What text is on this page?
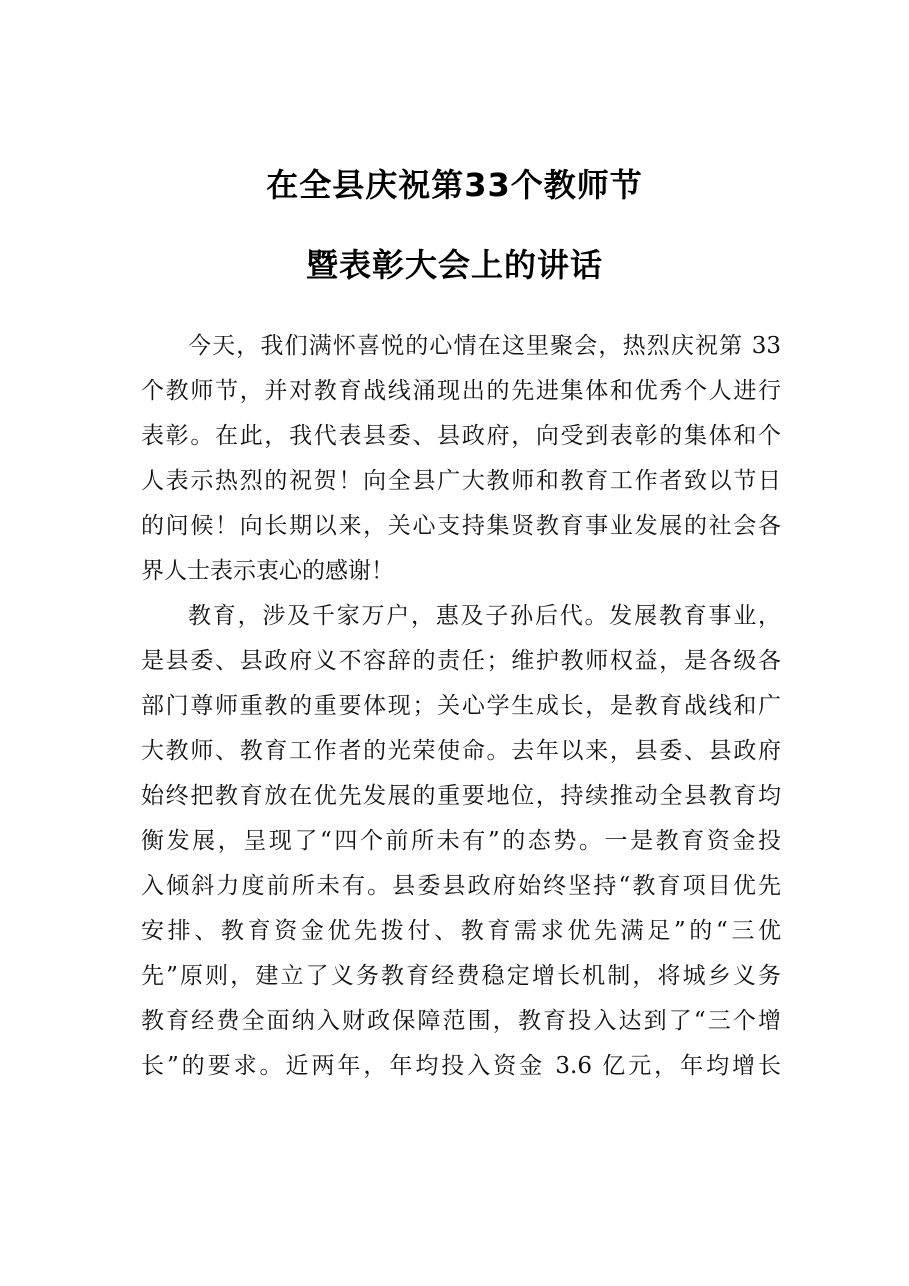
在全县庆祝第33个教师节
暨表彰大会上的讲话
今天，我们满怀喜悦的心情在这里聚会，热烈庆祝第 33
个教师节，并对教育战线涌现出的先进集体和优秀个人进行
表彰。在此，我代表县委、县政府，向受到表彰的集体和个
人表示热烈的祝贺！向全县广大教师和教育工作者致以节日
的问候！向长期以来，关心支持集贤教育事业发展的社会各
界人士表示衷心的感谢！
教育，涉及千家万户，惠及子孙后代。发展教育事业，
是县委、县政府义不容辞的责任；维护教师权益，是各级各
部门尊师重教的重要体现；关心学生成长，是教育战线和广
大教师、教育工作者的光荣使命。去年以来，县委、县政府
始终把教育放在优先发展的重要地位，持续推动全县教育均
衡发展，呈现了“四个前所未有”的态势。一是教育资金投
入倾斜力度前所未有。县委县政府始终坚持“教育项目优先
安排、教育资金优先拨付、教育需求优先满足”的“三优
先”原则，建立了义务教育经费稳定增长机制，将城乡义务
教育经费全面纳入财政保障范围，教育投入达到了“三个增
长”的要求。近两年，年均投入资金 3.6 亿元，年均增长
